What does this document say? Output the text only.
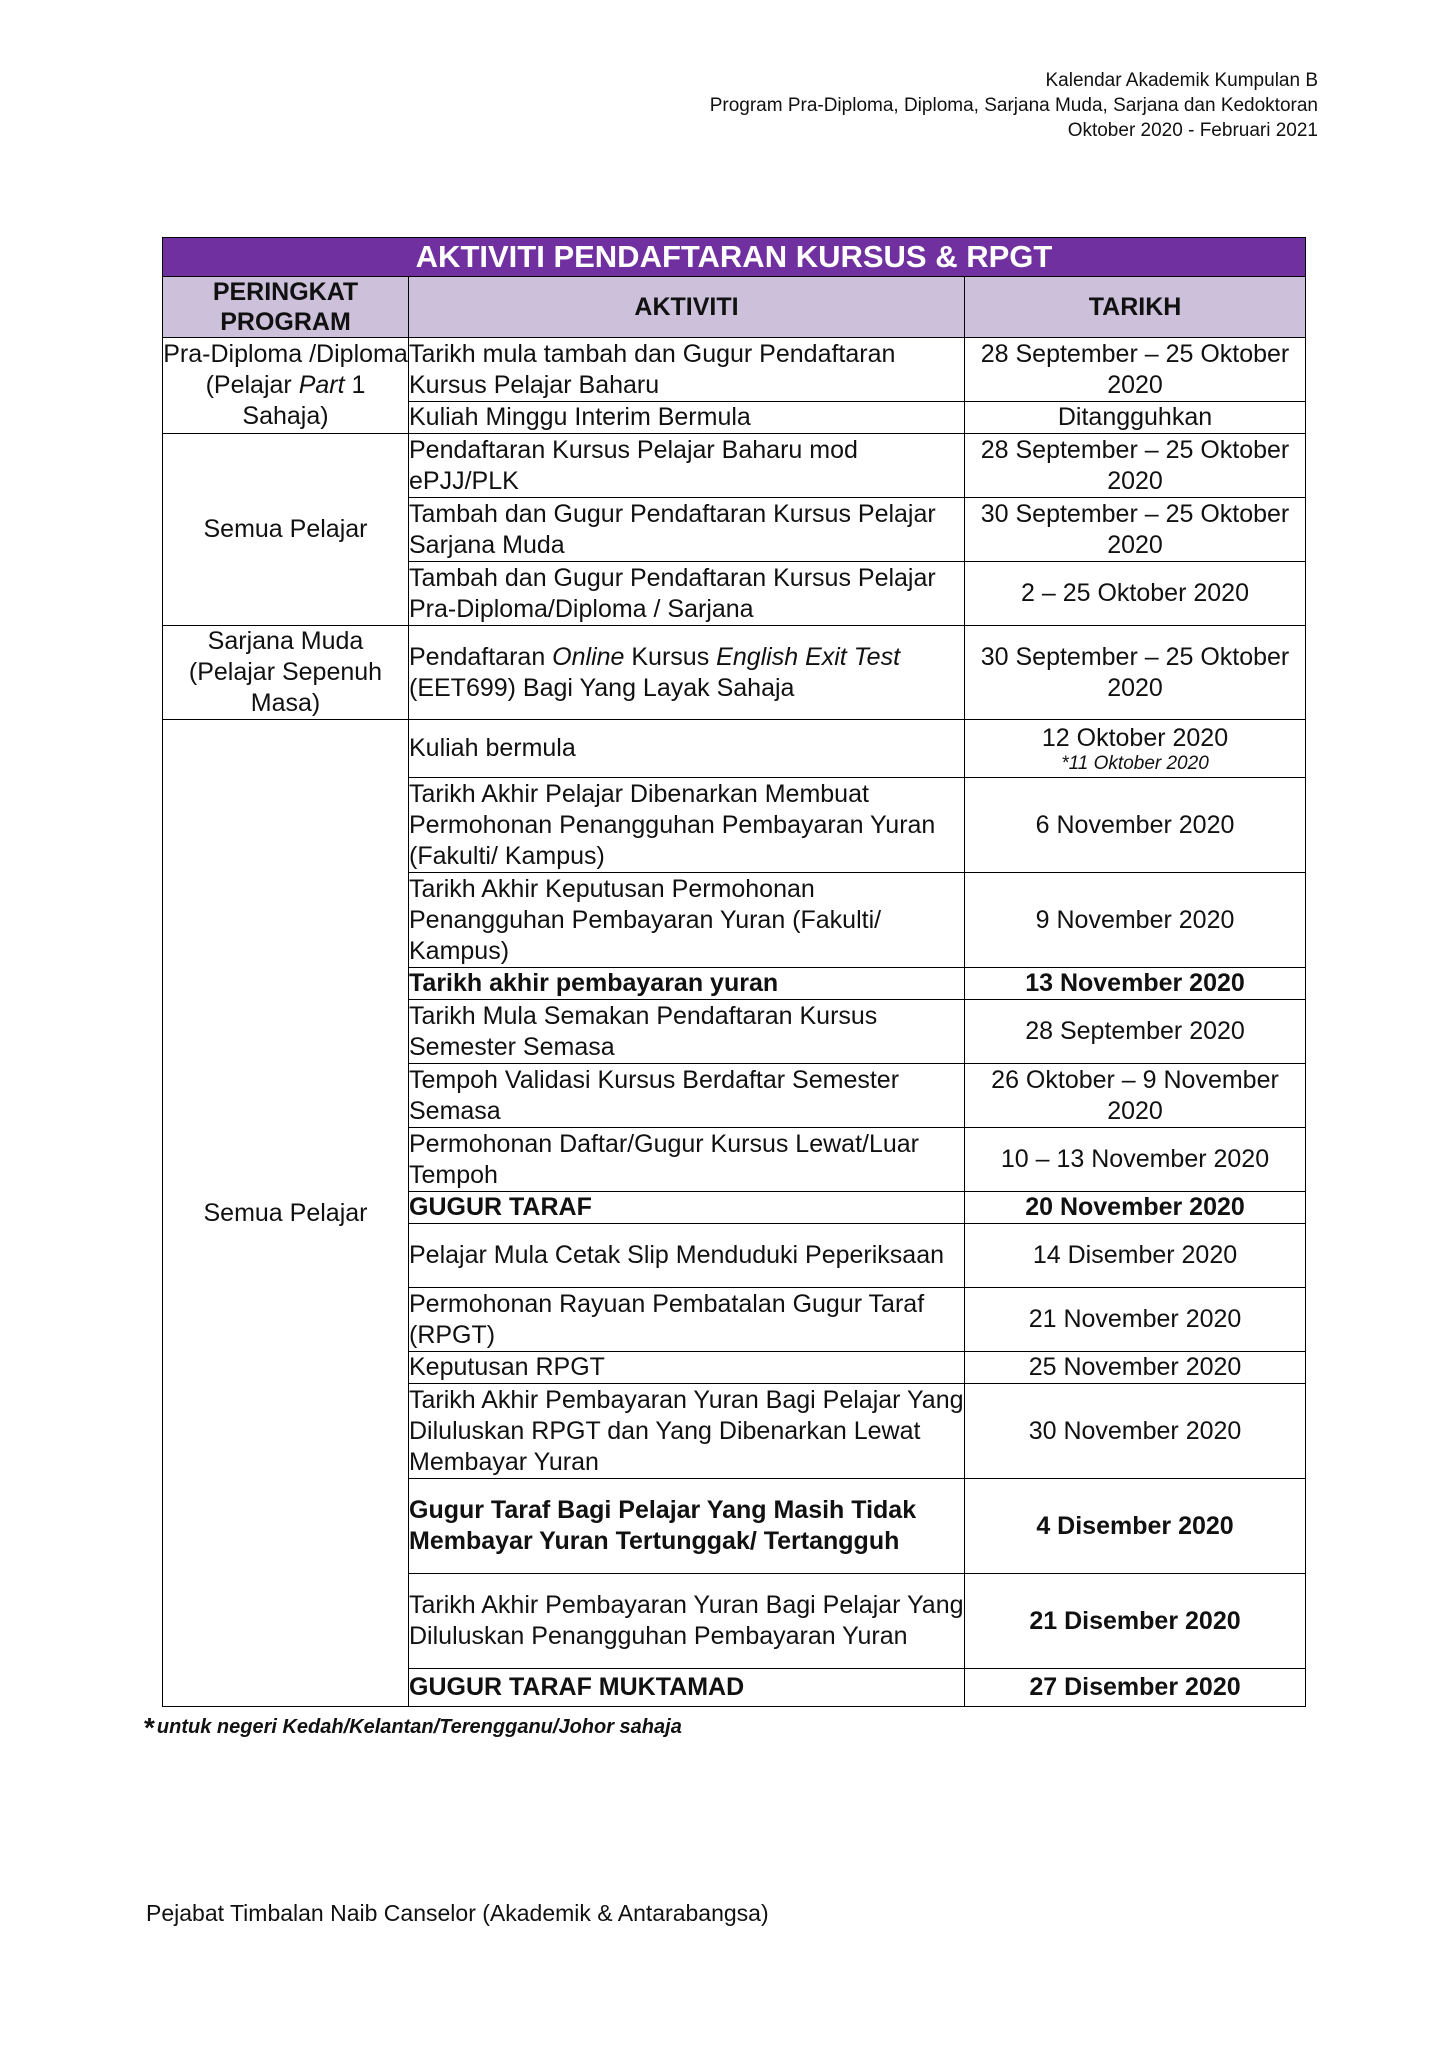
Kalendar Akademik Kumpulan B
Program Pra-Diploma, Diploma, Sarjana Muda, Sarjana dan Kedoktoran
Oktober 2020 - Februari 2021
AKTIVITI PENDAFTARAN KURSUS & RPGT		
PERINGKAT PROGRAM	AKTIVITI	TARIKH
Pra-Diploma /Diploma (Pelajar Part 1 Sahaja)	Tarikh mula tambah dan Gugur Pendaftaran Kursus Pelajar Baharu	28 September – 25 Oktober 2020
	Kuliah Minggu Interim Bermula	Ditangguhkan
Semua Pelajar	Pendaftaran Kursus Pelajar Baharu mod ePJJ/PLK	28 September – 25 Oktober 2020
	Tambah dan Gugur Pendaftaran Kursus Pelajar Sarjana Muda	30 September – 25 Oktober 2020
	Tambah dan Gugur Pendaftaran Kursus Pelajar Pra-Diploma/Diploma / Sarjana	2 – 25 Oktober 2020
Sarjana Muda (Pelajar Sepenuh Masa)	Pendaftaran Online Kursus English Exit Test (EET699) Bagi Yang Layak Sahaja	30 September – 25 Oktober 2020
Semua Pelajar	Kuliah bermula	12 Oktober 2020
*11 Oktober 2020

	Tarikh Akhir Pelajar Dibenarkan Membuat Permohonan Penangguhan Pembayaran Yuran (Fakulti/ Kampus)	6 November 2020
	Tarikh Akhir Keputusan Permohonan Penangguhan Pembayaran Yuran (Fakulti/ Kampus)	9 November 2020
	Tarikh akhir pembayaran yuran	13 November 2020
	Tarikh Mula Semakan Pendaftaran Kursus Semester Semasa	28 September 2020
	Tempoh Validasi Kursus Berdaftar Semester Semasa	26 Oktober – 9 November 2020
	Permohonan Daftar/Gugur Kursus Lewat/Luar Tempoh	10 – 13 November 2020
	GUGUR TARAF	20 November 2020
	Pelajar Mula Cetak Slip Menduduki Peperiksaan	14 Disember 2020
	Permohonan Rayuan Pembatalan Gugur Taraf (RPGT)	21 November 2020
	Keputusan RPGT	25 November 2020
	Tarikh Akhir Pembayaran Yuran Bagi Pelajar Yang Diluluskan RPGT dan Yang Dibenarkan Lewat Membayar Yuran	30 November 2020
	Gugur Taraf Bagi Pelajar Yang Masih Tidak Membayar Yuran Tertunggak/ Tertangguh	4 Disember 2020
	Tarikh Akhir Pembayaran Yuran Bagi Pelajar Yang Diluluskan Penangguhan Pembayaran Yuran	21 Disember 2020
	GUGUR TARAF MUKTAMAD	27 Disember 2020
* untuk negeri Kedah/Kelantan/Terengganu/Johor sahaja
Pejabat Timbalan Naib Canselor (Akademik & Antarabangsa)
